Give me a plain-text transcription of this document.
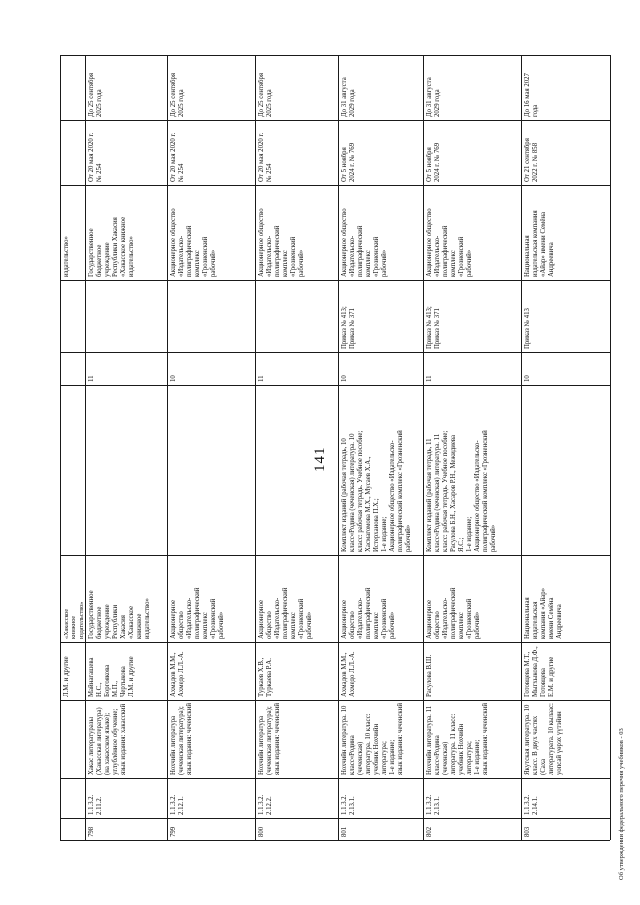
Л.М. и другие
«Хакасское
книжное
издательство»
издательство»
798
1.1.3.2.
2.11.2.
Хакас литературазы
(Хакасская литература)
(на хакасском языке);
углублённое обучение;
язык издания: хакасский
Майнагашева
Н.С.,
Боргоякова
М.П.,
Чертыкова
Л.М. и другие
Государственное
бюджетное
учреждение
Республики
Хакасия
«Хакасское
книжное
издательство»
11
Государственное
бюджетное
учреждение
Республики Хакасия
«Хакасское книжное
издательство»
От 20 мая 2020 г.
№ 254
До 25 сентября
2025 года
799
1.1.3.2.
2.12.1.
Нохчийн литература
(чеченская литература);
язык издания: чеченский
Ахмадов М.М.,
Ахмедо Л.Л.-А.
Акционерное
общество
«Издательско-
полиграфический
комплекс
«Грозненский
рабочий»
10
Акционерное общество
«Издательско-
полиграфический
комплекс
«Грозненский
рабочий»
От 20 мая 2020 г.
№ 254
До 25 сентября
2025 года
800
1.1.3.2.
2.12.2.
Нохчийн литература
(чеченская литература);
язык издания: чеченский
Туркаев Х.В.,
Туркаева Р.А.
Акционерное
общество
«Издательско-
полиграфический
комплекс
«Грозненский
рабочий»
11
Акционерное общество
«Издательско-
полиграфический
комплекс
«Грозненский
рабочий»
От 20 мая 2020 г.
№ 254
До 25 сентября
2025 года
801
1.1.3.2.
2.13.1.
Нохчийн литература. 10
класс«Родина (чеченская)
литература. 10 класс:
учебник Нохчийн
литература;
1-е издание;
язык издания: чеченский
Ахмадов М.М.,
Ахмедо Л.Л.-А.
Акционерное
общество
«Издательско-
полиграфический
комплекс
«Грозненский
рабочий»
Комплект изданий (рабочая тетрадь, 10
класс«Родина (чеченская) литература. 10
класс: рабочая тетрадь. Учебное пособие;
Хасмагомова М.Х., Мусаев Х.А.,
Истерханова П.Х.;
1-е издание;
Акционерное общество «Издательско-
полиграфический комплекс «Грозненский
рабочий»
10
Приказ № 413;
Приказ № 371
Акционерное общество
«Издательско-
полиграфический
комплекс
«Грозненский
рабочий»
От 5 ноября
2024 г. № 769
До 31 августа
2029 года
802
1.1.3.2.
2.13.1.
Нохчийн литература. 11
класс«Родина (чеченская)
литература. 11 класс:
учебник Нохчийн
литература;
1-е издание;
язык издания: чеченский
Расулова В.Ш.
Акционерное
общество
«Издательско-
полиграфический
комплекс
«Грозненский
рабочий»
Комплект изданий (рабочая тетрадь, 11
класс«Родина (чеченская) литература. 11
класс: рабочая тетрадь. Учебное пособие;
Расулова Б.Н., Хасаров Р.Н., Межидиева
Я.С.;
1-е издание;
Акционерное общество «Издательско-
полиграфический комплекс «Грозненский
рабочий»
11
Приказ № 413;
Приказ № 371
Акционерное общество
«Издательско-
полиграфический
комплекс
«Грозненский
рабочий»
От 5 ноября
2024 г. № 769
До 31 августа
2029 года
803
1.1.3.2.
2.14.1.
Якутская литература. 10
класс. В двух частях (Саха
литературата. 10 кылаас:
уопсай үөрэх үүтэйин
Готовцева М.Т.,
Мыгхыкова Д.Ф.,
Готовцева
Е.М. и другие
Национальная
издательская
компания «Айар»
имени Семёна
Андреевича
10
Приказ № 413
Национальная
издательская компания
«Айар» имени Семёна
Андреевича
От 21 сентября
2022 г. № 858
До 16 мая 2027
года
141
Об утверждении федерального перечня учебников - 03
